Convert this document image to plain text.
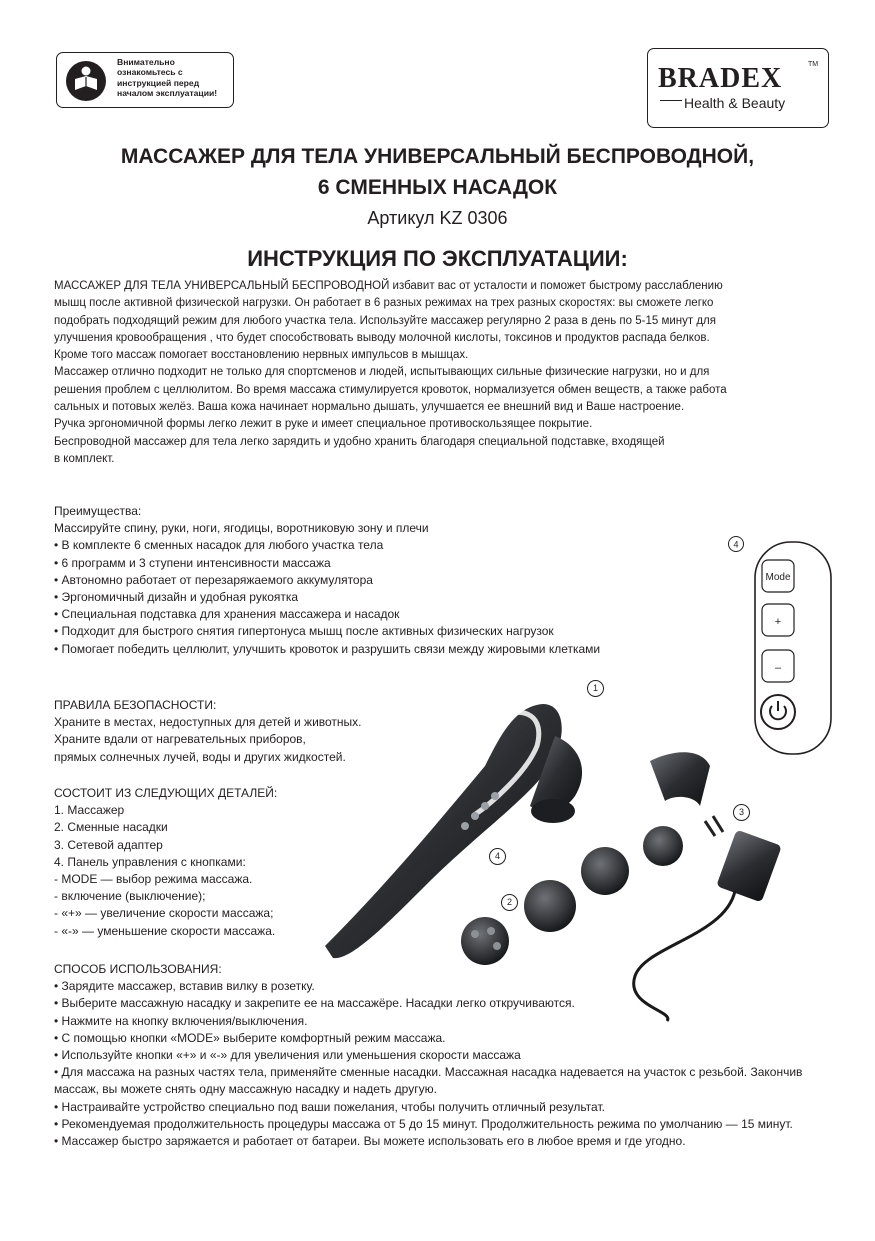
Внимательно
ознакомьтесь с
инструкцией перед
началом эксплуатации!	BRADEX	TM
Health & Beauty
МАССАЖЕР ДЛЯ ТЕЛА УНИВЕРСАЛЬНЫЙ БЕСПРОВОДНОЙ,
6 СМЕННЫХ НАСАДОК
Артикул KZ 0306
ИНСТРУКЦИЯ ПО ЭКСПЛУАТАЦИИ:

МАССАЖЕР ДЛЯ ТЕЛА УНИВЕРСАЛЬНЫЙ БЕСПРОВОДНОЙ избавит вас от усталости и поможет быстрому расслаблению

мышц после активной физической нагрузки. Он работает в 6 разных режимах на трех разных скоростях: вы сможете легко

подобрать подходящий режим для любого участка тела. Используйте массажер регулярно 2 раза в день по 5-15 минут для

улучшения кровообращения , что будет способствовать выводу молочной кислоты, токсинов и продуктов распада белков.

Кроме того массаж помогает восстановлению нервных импульсов в мышцах.

Массажер отлично подходит не только для спортсменов и людей, испытывающих сильные физические нагрузки, но и для

решения проблем с целлюлитом. Во время массажа стимулируется кровоток, нормализуется обмен веществ, а также работа

сальных и потовых желёз. Ваша кожа начинает нормально дышать, улучшается ее внешний вид и Ваше настроение.

Ручка эргономичной формы легко лежит в руке и имеет специальное противоскользящее покрытие.

Беспроводной массажер для тела легко зарядить и удобно хранить благодаря специальной подставке, входящей

в комплект.

Преимущества:

Массируйте спину, руки, ноги, ягодицы, воротниковую зону и плечи

• В комплекте 6 сменных насадок для любого участка тела

• 6 программ и 3 ступени интенсивности массажа

• Автономно работает от перезаряжаемого аккумулятора

• Эргономичный дизайн и удобная рукоятка

• Специальная подставка для хранения массажера и насадок

• Подходит для быстрого снятия гипертонуса мышц после активных физических нагрузок

• Помогает победить целлюлит, улучшить кровоток и разрушить связи между жировыми клетками

ПРАВИЛА БЕЗОПАСНОСТИ:

Храните в местах, недоступных для детей и животных.

Храните вдали от нагревательных приборов,

прямых солнечных лучей, воды и других жидкостей.

СОСТОИТ ИЗ СЛЕДУЮЩИХ ДЕТАЛЕЙ:

1. Массажер

2. Сменные насадки

3. Сетевой адаптер

4. Панель управления с кнопками:

- MODE — выбор режима массажа.

- включение (выключение);

- «+» — увеличение скорости массажа;

- «-» — уменьшение скорости массажа.

СПОСОБ ИСПОЛЬЗОВАНИЯ:

• Зарядите массажер, вставив вилку в розетку.

• Выберите массажную насадку и закрепите ее на массажёре. Насадки легко откручиваются.

• Нажмите на кнопку включения/выключения.

• С помощью кнопки «MODE» выберите комфортный режим массажа.

• Используйте кнопки «+» и «-» для увеличения или уменьшения скорости массажа

• Для массажа на разных частях тела, применяйте сменные насадки. Массажная насадка надевается на участок с резьбой. Закончив массаж, вы можете снять одну массажную насадку и надеть другую.

• Настраивайте устройство специально под ваши пожелания, чтобы получить отличный результат.

• Рекомендуемая продолжительность процедуры массажа от 5 до 15 минут. Продолжительность режима по умолчанию — 15 минут.

• Массажер быстро заряжается и работает от батареи. Вы можете использовать его в любое время и где угодно.

4
Mode
+
–
1
2
3
4
